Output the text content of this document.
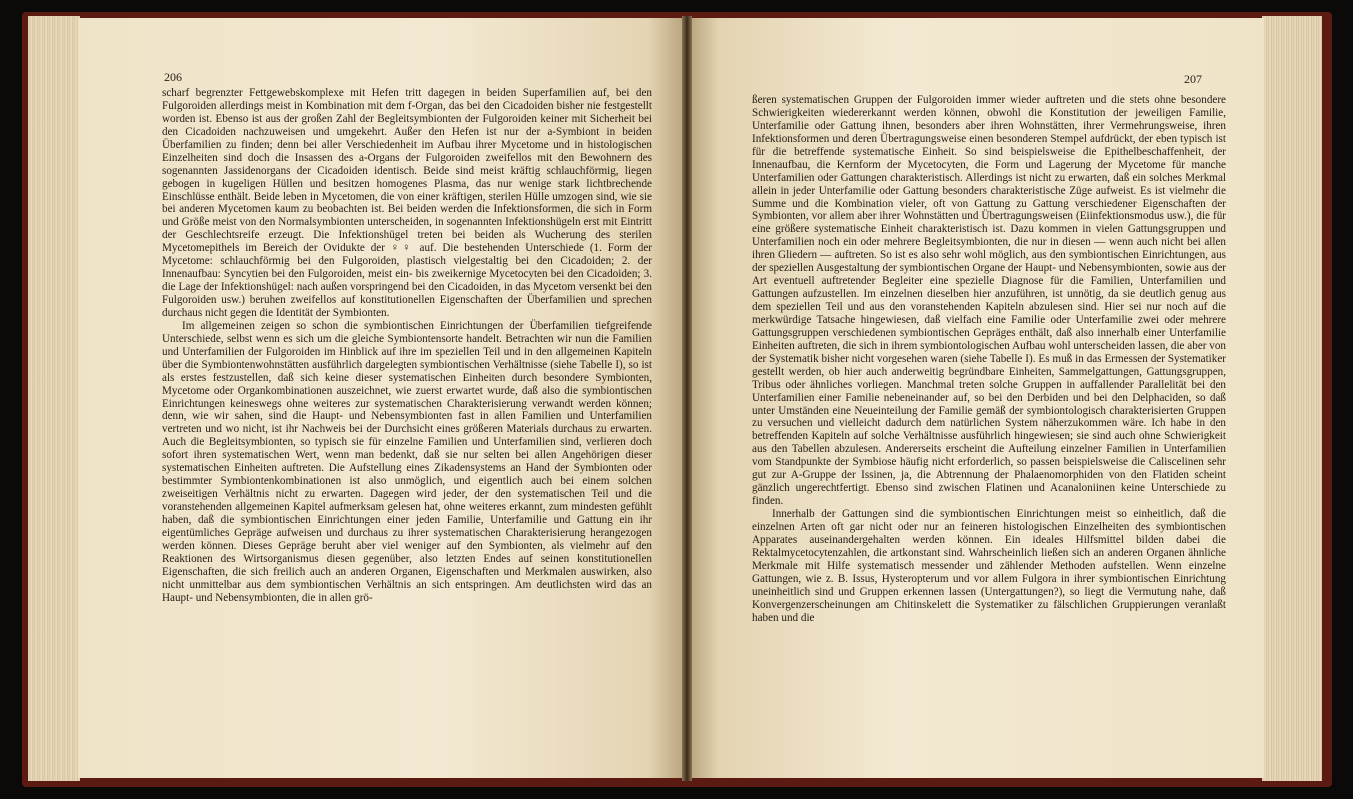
206	207

scharf begrenzter Fettgewebskomplexe mit Hefen tritt dagegen in beiden Superfamilien auf, bei den Fulgoroiden allerdings meist in Kombination mit dem f-Organ, das bei den Cicadoiden bisher nie festgestellt worden ist. Ebenso ist aus der großen Zahl der Begleitsymbionten der Fulgoroiden keiner mit Sicherheit bei den Cicadoiden nachzuweisen und umgekehrt. Außer den Hefen ist nur der a-Symbiont in beiden Überfamilien zu finden; denn bei aller Verschiedenheit im Aufbau ihrer Mycetome und in histologischen Einzelheiten sind doch die Insassen des a-Organs der Fulgoroiden zweifellos mit den Bewohnern des sogenannten Jassidenorgans der Cicadoiden identisch. Beide sind meist kräftig schlauchförmig, liegen gebogen in kugeligen Hüllen und besitzen homogenes Plasma, das nur wenige stark lichtbrechende Einschlüsse enthält. Beide leben in Mycetomen, die von einer kräftigen, sterilen Hülle umzogen sind, wie sie bei anderen Mycetomen kaum zu beobachten ist. Bei beiden werden die Infektionsformen, die sich in Form und Größe meist von den Normalsymbionten unterscheiden, in sogenannten Infektionshügeln erst mit Eintritt der Geschlechtsreife erzeugt. Die Infektionshügel treten bei beiden als Wucherung des sterilen Mycetomepithels im Bereich der Ovidukte der ♀♀ auf. Die bestehenden Unterschiede (1. Form der Mycetome: schlauchförmig bei den Fulgoroiden, plastisch vielgestaltig bei den Cicadoiden; 2. der Innenaufbau: Syncytien bei den Fulgoroiden, meist ein- bis zweikernige Mycetocyten bei den Cicadoiden; 3. die Lage der Infektionshügel: nach außen vorspringend bei den Cicadoiden, in das Mycetom versenkt bei den Fulgoroiden usw.) beruhen zweifellos auf konstitutionellen Eigenschaften der Überfamilien und sprechen durchaus nicht gegen die Identität der Symbionten.

Im allgemeinen zeigen so schon die symbiontischen Einrichtungen der Überfamilien tiefgreifende Unterschiede, selbst wenn es sich um die gleiche Symbiontensorte handelt. Betrachten wir nun die Familien und Unterfamilien der Fulgoroiden im Hinblick auf ihre im speziellen Teil und in den allgemeinen Kapiteln über die Symbiontenwohnstätten ausführlich dargelegten symbiontischen Verhältnisse (siehe Tabelle I), so ist als erstes festzustellen, daß sich keine dieser systematischen Einheiten durch besondere Symbionten, Mycetome oder Organkombinationen auszeichnet, wie zuerst erwartet wurde, daß also die symbiontischen Einrichtungen keineswegs ohne weiteres zur systematischen Charakterisierung verwandt werden können; denn, wie wir sahen, sind die Haupt- und Nebensymbionten fast in allen Familien und Unterfamilien vertreten und wo nicht, ist ihr Nachweis bei der Durchsicht eines größeren Materials durchaus zu erwarten. Auch die Begleitsymbionten, so typisch sie für einzelne Familien und Unterfamilien sind, verlieren doch sofort ihren systematischen Wert, wenn man bedenkt, daß sie nur selten bei allen Angehörigen dieser systematischen Einheiten auftreten. Die Aufstellung eines Zikadensystems an Hand der Symbionten oder bestimmter Symbiontenkombinationen ist also unmöglich, und eigentlich auch bei einem solchen zweiseitigen Verhältnis nicht zu erwarten. Dagegen wird jeder, der den systematischen Teil und die voranstehenden allgemeinen Kapitel aufmerksam gelesen hat, ohne weiteres erkannt, zum mindesten gefühlt haben, daß die symbiontischen Einrichtungen einer jeden Familie, Unterfamilie und Gattung ein ihr eigentümliches Gepräge aufweisen und durchaus zu ihrer systematischen Charakterisierung herangezogen werden können. Dieses Gepräge beruht aber viel weniger auf den Symbionten, als vielmehr auf den Reaktionen des Wirtsorganismus diesen gegenüber, also letzten Endes auf seinen konstitutionellen Eigenschaften, die sich freilich auch an anderen Organen, Eigenschaften und Merkmalen auswirken, also nicht unmittelbar aus dem symbiontischen Verhältnis an sich entspringen. Am deutlichsten wird das an Haupt- und Nebensymbionten, die in allen grö-

ßeren systematischen Gruppen der Fulgoroiden immer wieder auftreten und die stets ohne besondere Schwierigkeiten wiedererkannt werden können, obwohl die Konstitution der jeweiligen Familie, Unterfamilie oder Gattung ihnen, besonders aber ihren Wohnstätten, ihrer Vermehrungsweise, ihren Infektionsformen und deren Übertragungsweise einen besonderen Stempel aufdrückt, der eben typisch ist für die betreffende systematische Einheit. So sind beispielsweise die Epithelbeschaffenheit, der Innenaufbau, die Kernform der Mycetocyten, die Form und Lagerung der Mycetome für manche Unterfamilien oder Gattungen charakteristisch. Allerdings ist nicht zu erwarten, daß ein solches Merkmal allein in jeder Unterfamilie oder Gattung besonders charakteristische Züge aufweist. Es ist vielmehr die Summe und die Kombination vieler, oft von Gattung zu Gattung verschiedener Eigenschaften der Symbionten, vor allem aber ihrer Wohnstätten und Übertragungsweisen (Eiinfektionsmodus usw.), die für eine größere systematische Einheit charakteristisch ist. Dazu kommen in vielen Gattungsgruppen und Unterfamilien noch ein oder mehrere Begleitsymbionten, die nur in diesen — wenn auch nicht bei allen ihren Gliedern — auftreten. So ist es also sehr wohl möglich, aus den symbiontischen Einrichtungen, aus der speziellen Ausgestaltung der symbiontischen Organe der Haupt- und Nebensymbionten, sowie aus der Art eventuell auftretender Begleiter eine spezielle Diagnose für die Familien, Unterfamilien und Gattungen aufzustellen. Im einzelnen dieselben hier anzuführen, ist unnötig, da sie deutlich genug aus dem speziellen Teil und aus den voranstehenden Kapiteln abzulesen sind. Hier sei nur noch auf die merkwürdige Tatsache hingewiesen, daß vielfach eine Familie oder Unterfamilie zwei oder mehrere Gattungsgruppen verschiedenen symbiontischen Gepräges enthält, daß also innerhalb einer Unterfamilie Einheiten auftreten, die sich in ihrem symbiontologischen Aufbau wohl unterscheiden lassen, die aber von der Systematik bisher nicht vorgesehen waren (siehe Tabelle I). Es muß in das Ermessen der Systematiker gestellt werden, ob hier auch anderweitig begründbare Einheiten, Sammelgattungen, Gattungsgruppen, Tribus oder ähnliches vorliegen. Manchmal treten solche Gruppen in auffallender Parallelität bei den Unterfamilien einer Familie nebeneinander auf, so bei den Derbiden und bei den Delphaciden, so daß unter Umständen eine Neueinteilung der Familie gemäß der symbiontologisch charakterisierten Gruppen zu versuchen und vielleicht dadurch dem natürlichen System näherzukommen wäre. Ich habe in den betreffenden Kapiteln auf solche Verhältnisse ausführlich hingewiesen; sie sind auch ohne Schwierigkeit aus den Tabellen abzulesen. Andererseits erscheint die Aufteilung einzelner Familien in Unterfamilien vom Standpunkte der Symbiose häufig nicht erforderlich, so passen beispielsweise die Caliscelinen sehr gut zur A-Gruppe der Issinen, ja, die Abtrennung der Phalaenomorphiden von den Flatiden scheint gänzlich ungerechtfertigt. Ebenso sind zwischen Flatinen und Acanaloniinen keine Unterschiede zu finden.

Innerhalb der Gattungen sind die symbiontischen Einrichtungen meist so einheitlich, daß die einzelnen Arten oft gar nicht oder nur an feineren histologischen Einzelheiten des symbiontischen Apparates auseinandergehalten werden können. Ein ideales Hilfsmittel bilden dabei die Rektalmycetocytenzahlen, die artkonstant sind. Wahrscheinlich ließen sich an anderen Organen ähnliche Merkmale mit Hilfe systematisch messender und zählender Methoden aufstellen. Wenn einzelne Gattungen, wie z. B. Issus, Hysteropterum und vor allem Fulgora in ihrer symbiontischen Einrichtung uneinheitlich sind und Gruppen erkennen lassen (Untergattungen?), so liegt die Vermutung nahe, daß Konvergenzerscheinungen am Chitinskelett die Systematiker zu fälschlichen Gruppierungen veranlaßt haben und die
